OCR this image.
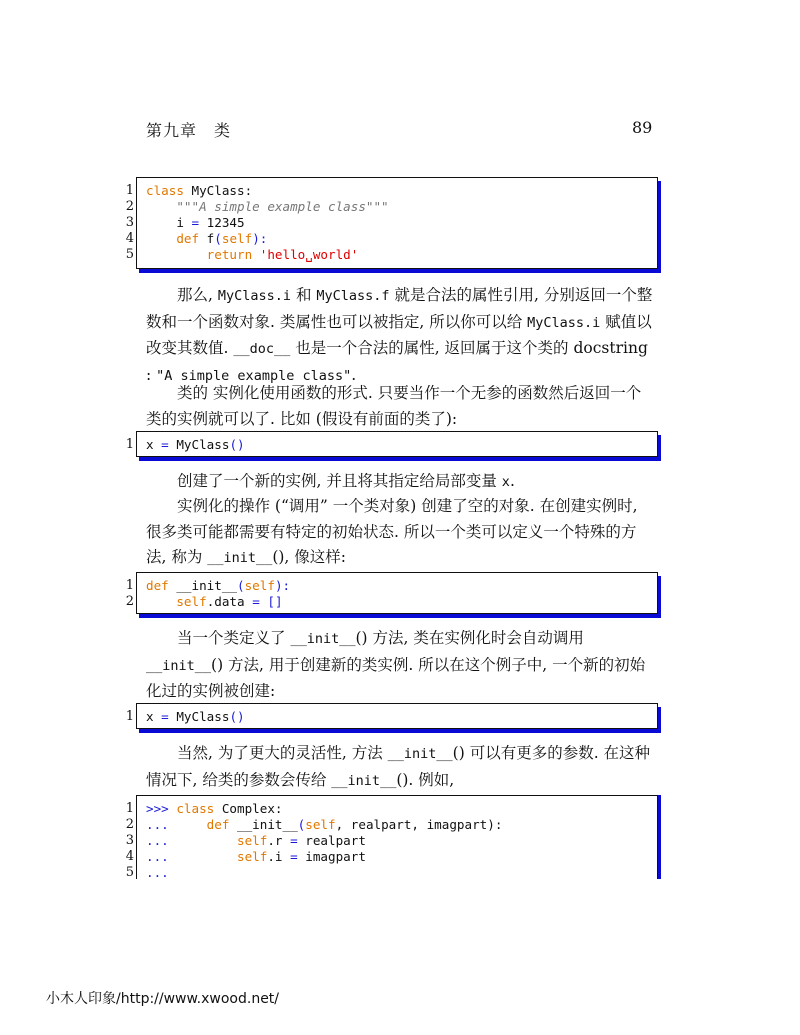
第九章　类	89
1 class MyClass:
2	"""A simple example class"""
3 i = 12345
4	def f(self):
5	return 'hello␣world'

那么, MyClass.i 和 MyClass.f 就是合法的属性引用, 分别返回一个整数和一个函数对象. 类属性也可以被指定, 所以你可以给 MyClass.i 赋值以改变其数值. __doc__ 也是一个合法的属性, 返回属于这个类的 docstring : "A simple example class".

类的 实例化使用函数的形式. 只要当作一个无参的函数然后返回一个类的实例就可以了. 比如 (假设有前面的类了):

1 x = MyClass()

创建了一个新的实例, 并且将其指定给局部变量 x.

实例化的操作 (“调用” 一个类对象) 创建了空的对象. 在创建实例时, 很多类可能都需要有特定的初始状态. 所以一个类可以定义一个特殊的方法, 称为 __init__(), 像这样:

1 def __init__(self):
2	self.data = []

当一个类定义了 __init__() 方法, 类在实例化时会自动调用 __init__() 方法, 用于创建新的类实例. 所以在这个例子中, 一个新的初始化过的实例被创建:

1 x = MyClass()

当然, 为了更大的灵活性, 方法 __init__() 可以有更多的参数. 在这种情况下, 给类的参数会传给 __init__(). 例如,

1 >>> class Complex:
2 ...	def __init__(self, realpart, imagpart):
3 ...	self.r = realpart
4 ...	self.i = imagpart
5 ...
小木人印象/http://www.xwood.net/
